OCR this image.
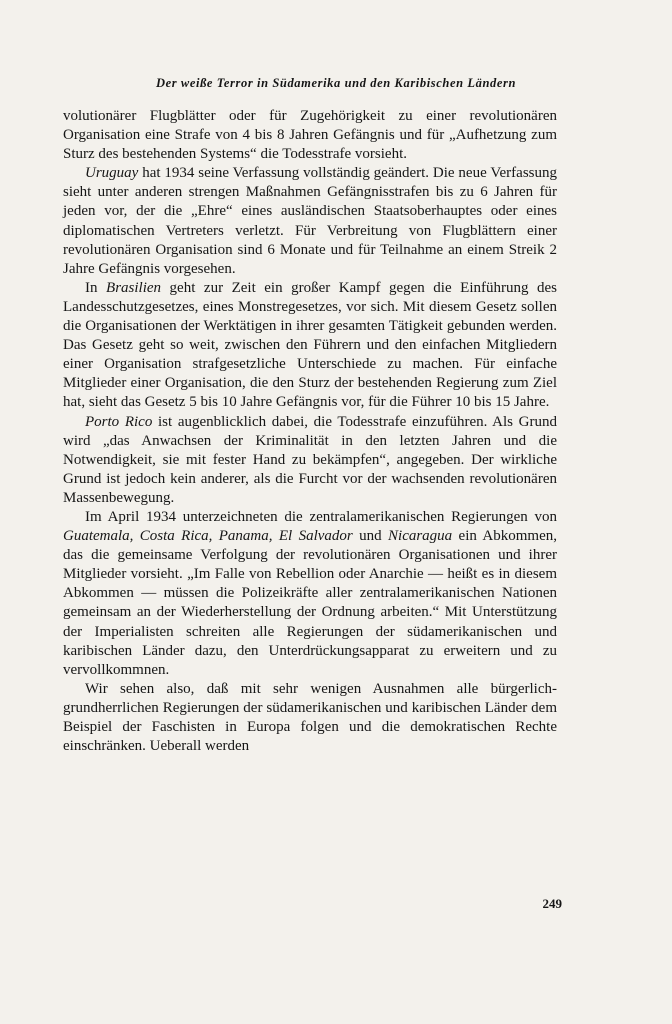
Der weiße Terror in Südamerika und den Karibischen Ländern

volutionärer Flugblätter oder für Zugehörigkeit zu einer revolutionären Organisation eine Strafe von 4 bis 8 Jahren Gefängnis und für „Aufhetzung zum Sturz des bestehenden Systems“ die Todesstrafe vorsieht.

Uruguay hat 1934 seine Verfassung vollständig geändert. Die neue Verfassung sieht unter anderen strengen Maßnahmen Gefängnisstrafen bis zu 6 Jahren für jeden vor, der die „Ehre“ eines ausländischen Staatsoberhauptes oder eines diplomatischen Vertreters verletzt. Für Verbreitung von Flugblättern einer revolutionären Organisation sind 6 Monate und für Teilnahme an einem Streik 2 Jahre Gefängnis vorgesehen.

In Brasilien geht zur Zeit ein großer Kampf gegen die Einführung des Landesschutzgesetzes, eines Monstregesetzes, vor sich. Mit diesem Gesetz sollen die Organisationen der Werktätigen in ihrer gesamten Tätigkeit gebunden werden. Das Gesetz geht so weit, zwischen den Führern und den einfachen Mitgliedern einer Organisation strafgesetzliche Unterschiede zu machen. Für einfache Mitglieder einer Organisation, die den Sturz der bestehenden Regierung zum Ziel hat, sieht das Gesetz 5 bis 10 Jahre Gefängnis vor, für die Führer 10 bis 15 Jahre.

Porto Rico ist augenblicklich dabei, die Todesstrafe einzuführen. Als Grund wird „das Anwachsen der Kriminalität in den letzten Jahren und die Notwendigkeit, sie mit fester Hand zu bekämpfen“, angegeben. Der wirkliche Grund ist jedoch kein anderer, als die Furcht vor der wachsenden revolutionären Massenbewegung.

Im April 1934 unterzeichneten die zentralamerikanischen Regierungen von Guatemala, Costa Rica, Panama, El Salvador und Nicaragua ein Abkommen, das die gemeinsame Verfolgung der revolutionären Organisationen und ihrer Mitglieder vorsieht. „Im Falle von Rebellion oder Anarchie — heißt es in diesem Abkommen — müssen die Polizeikräfte aller zentralamerikanischen Nationen gemeinsam an der Wiederherstellung der Ordnung arbeiten.“ Mit Unterstützung der Imperialisten schreiten alle Regierungen der südamerikanischen und karibischen Länder dazu, den Unterdrückungsapparat zu erweitern und zu vervollkommnen.

Wir sehen also, daß mit sehr wenigen Ausnahmen alle bürgerlich-grundherrlichen Regierungen der südamerikanischen und karibischen Länder dem Beispiel der Faschisten in Europa folgen und die demokratischen Rechte einschränken. Ueberall werden

249
